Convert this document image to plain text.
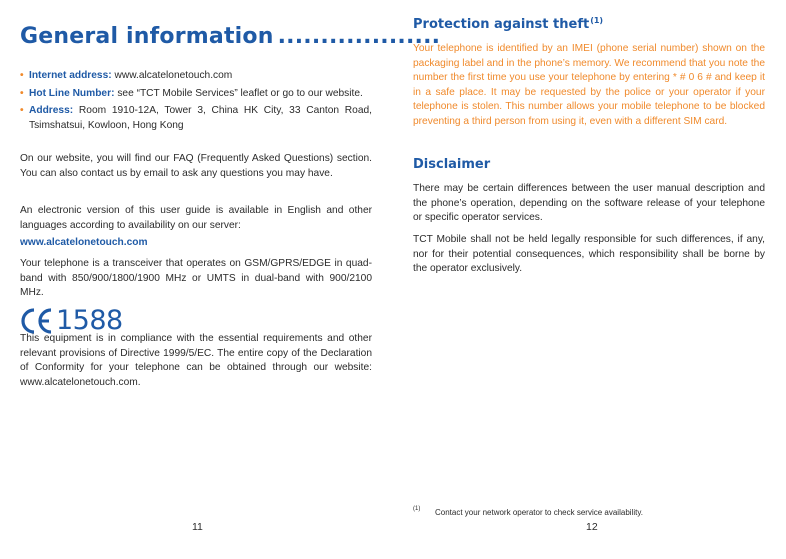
General information ...................
• Internet address: www.alcatelonetouch.com
• Hot Line Number: see “TCT Mobile Services” leaflet or go to our website.
• Address: Room 1910-12A, Tower 3, China HK City, 33 Canton Road, Tsimshatsui, Kowloon, Hong Kong

On our website, you will find our FAQ (Frequently Asked Questions) section. You can also contact us by email to ask any questions you may have.

An electronic version of this user guide is available in English and other languages according to availability on our server:

www.alcatelonetouch.com

Your telephone is a transceiver that operates on GSM/GPRS/EDGE in quad-band with 850/900/1800/1900 MHz or UMTS in dual-band with 900/2100 MHz.

1588

This equipment is in compliance with the essential requirements and other relevant provisions of Directive 1999/5/EC. The entire copy of the Declaration of Conformity for your telephone can be obtained through our website: www.alcatelonetouch.com.

11
Protection against theft$^{(1)}$

Your telephone is identified by an IMEI (phone serial number) shown on the packaging label and in the phone’s memory. We recommend that you note the number the first time you use your telephone by entering * # 0 6 # and keep it in a safe place. It may be requested by the police or your operator if your telephone is stolen. This number allows your mobile telephone to be blocked preventing a third person from using it, even with a different SIM card.

Disclaimer

There may be certain differences between the user manual description and the phone’s operation, depending on the software release of your telephone or specific operator services.

TCT Mobile shall not be held legally responsible for such differences, if any, nor for their potential consequences, which responsibility shall be borne by the operator exclusively.

(1) Contact your network operator to check service availability.
12
